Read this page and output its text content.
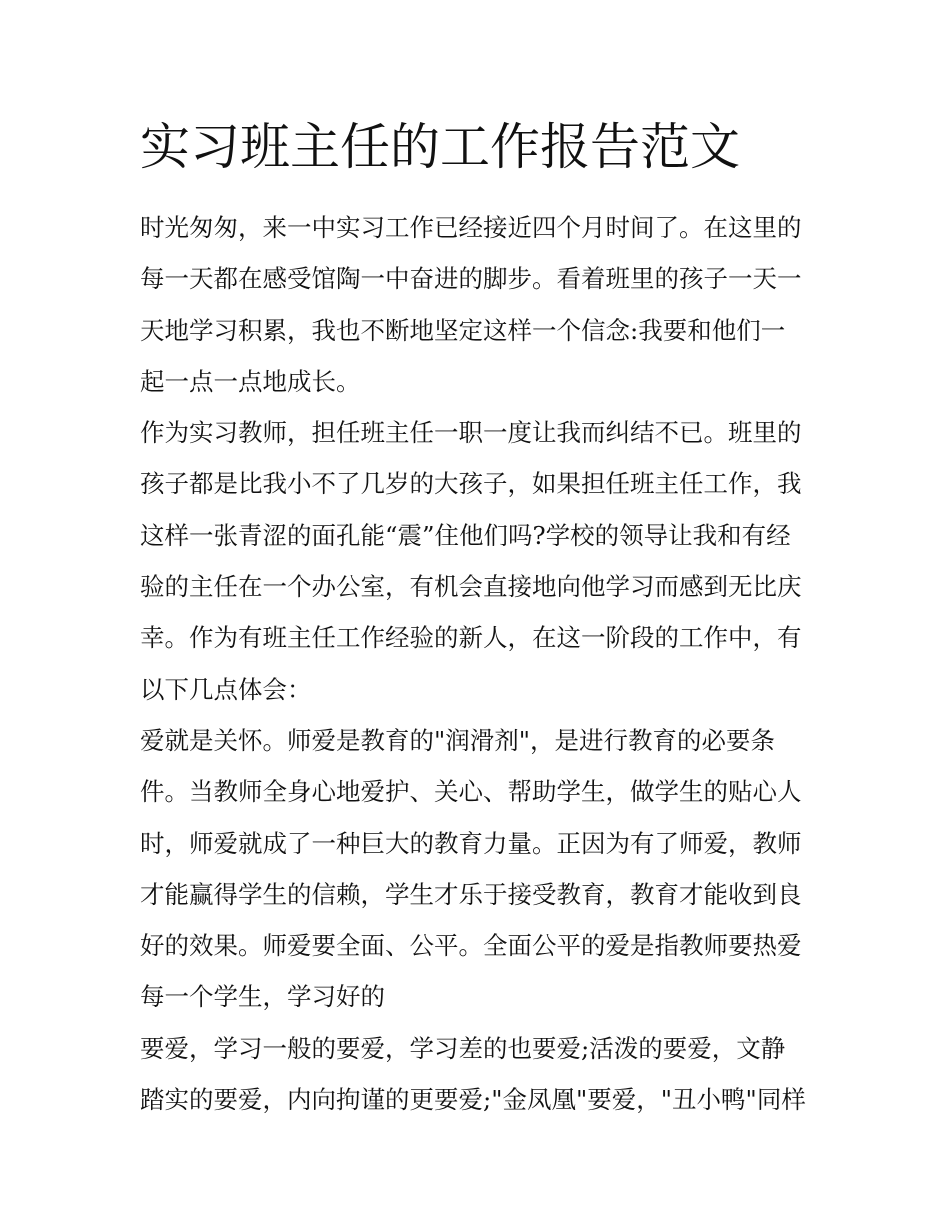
实习班主任的工作报告范文
时光匆匆，来一中实习工作已经接近四个月时间了。在这里的
每一天都在感受馆陶一中奋进的脚步。看着班里的孩子一天一
天地学习积累，我也不断地坚定这样一个信念:我要和他们一
起一点一点地成长。
作为实习教师，担任班主任一职一度让我而纠结不已。班里的
孩子都是比我小不了几岁的大孩子，如果担任班主任工作，我
这样一张青涩的面孔能“震”住他们吗?学校的领导让我和有经
验的主任在一个办公室，有机会直接地向他学习而感到无比庆
幸。作为有班主任工作经验的新人，在这一阶段的工作中，有
以下几点体会：
爱就是关怀。师爱是教育的"润滑剂"，是进行教育的必要条
件。当教师全身心地爱护、关心、帮助学生，做学生的贴心人
时，师爱就成了一种巨大的教育力量。正因为有了师爱，教师
才能赢得学生的信赖，学生才乐于接受教育，教育才能收到良
好的效果。师爱要全面、公平。全面公平的爱是指教师要热爱
每一个学生，学习好的
要爱，学习一般的要爱，学习差的也要爱;活泼的要爱，文静
踏实的要爱，内向拘谨的更要爱;"金凤凰"要爱，"丑小鸭"同样
